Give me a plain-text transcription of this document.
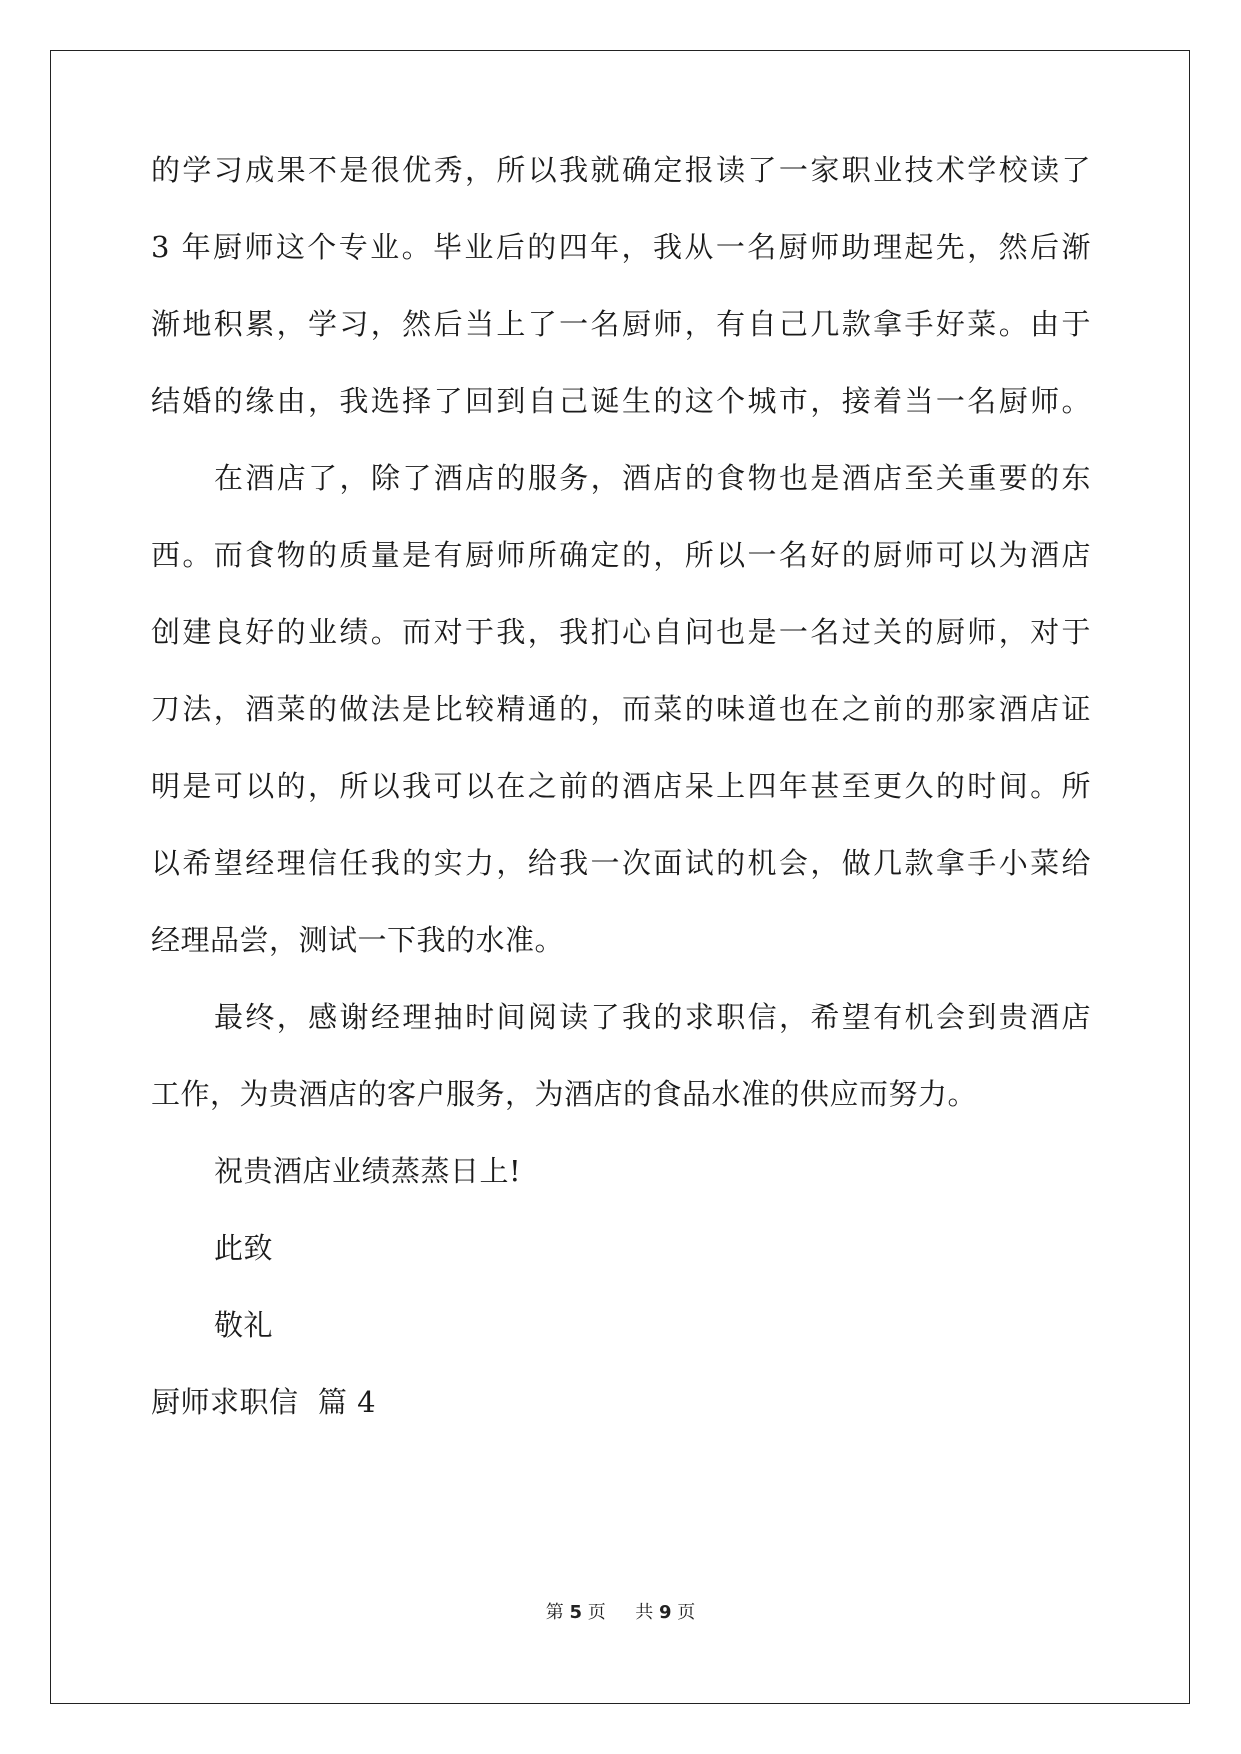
的学习成果不是很优秀，所以我就确定报读了一家职业技术学校读了
3 年厨师这个专业。毕业后的四年，我从一名厨师助理起先，然后渐
渐地积累，学习，然后当上了一名厨师，有自己几款拿手好菜。由于
结婚的缘由，我选择了回到自己诞生的这个城市，接着当一名厨师。
在酒店了，除了酒店的服务，酒店的食物也是酒店至关重要的东
西。而食物的质量是有厨师所确定的，所以一名好的厨师可以为酒店
创建良好的业绩。而对于我，我扪心自问也是一名过关的厨师，对于
刀法，酒菜的做法是比较精通的，而菜的味道也在之前的那家酒店证
明是可以的，所以我可以在之前的酒店呆上四年甚至更久的时间。所
以希望经理信任我的实力，给我一次面试的机会，做几款拿手小菜给
经理品尝，测试一下我的水准。
最终，感谢经理抽时间阅读了我的求职信，希望有机会到贵酒店
工作，为贵酒店的客户服务，为酒店的食品水准的供应而努力。
祝贵酒店业绩蒸蒸日上!
此致
敬礼
厨师求职信  篇 4
第 5 页 共 9 页
